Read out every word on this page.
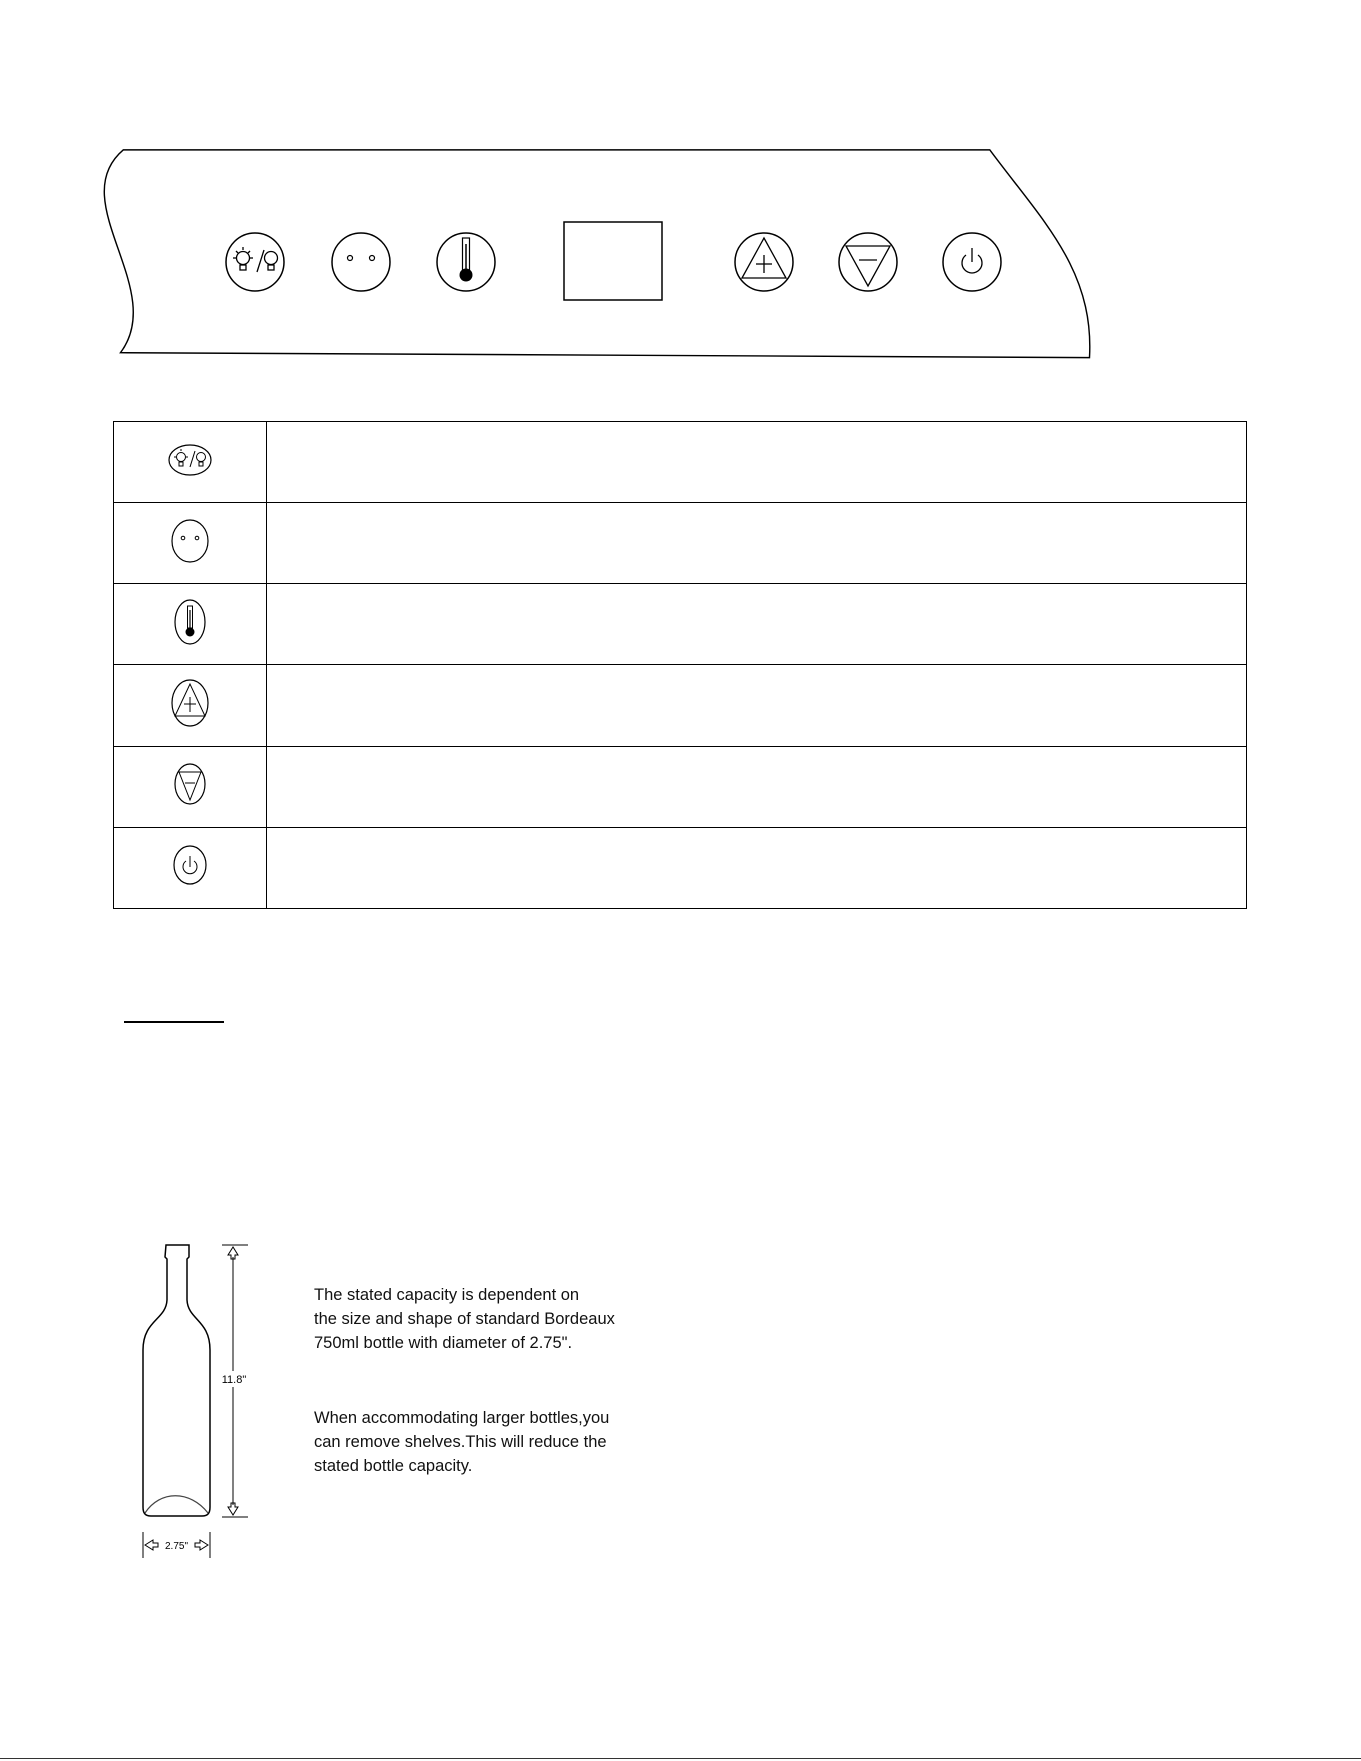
11.8"
2.75"
The stated capacity is dependent on
the size and shape of standard Bordeaux
750ml bottle with diameter of 2.75".
When accommodating larger bottles,you
can remove shelves.This will reduce the
stated bottle capacity.
